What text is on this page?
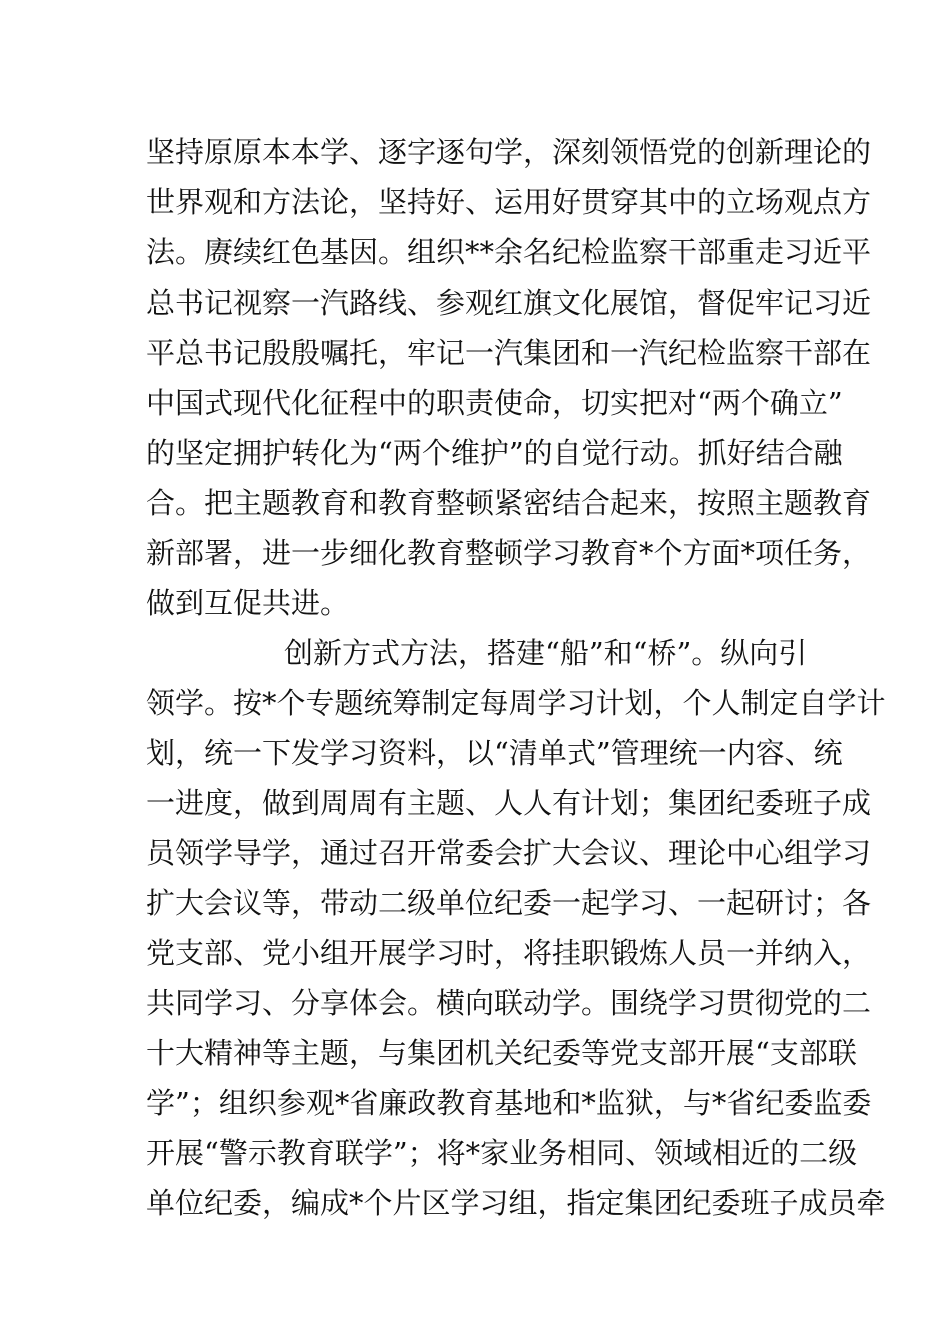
坚持原原本本学、逐字逐句学，深刻领悟党的创新理论的
世界观和方法论，坚持好、运用好贯穿其中的立场观点方
法。赓续红色基因。组织**余名纪检监察干部重走习近平
总书记视察一汽路线、参观红旗文化展馆，督促牢记习近
平总书记殷殷嘱托，牢记一汽集团和一汽纪检监察干部在
中国式现代化征程中的职责使命，切实把对“两个确立”
的坚定拥护转化为“两个维护”的自觉行动。抓好结合融
合。把主题教育和教育整顿紧密结合起来，按照主题教育
新部署，进一步细化教育整顿学习教育*个方面*项任务，
做到互促共进。
创新方式方法，搭建“船”和“桥”。纵向引
领学。按*个专题统筹制定每周学习计划，个人制定自学计
划，统一下发学习资料，以“清单式”管理统一内容、统
一进度，做到周周有主题、人人有计划；集团纪委班子成
员领学导学，通过召开常委会扩大会议、理论中心组学习
扩大会议等，带动二级单位纪委一起学习、一起研讨；各
党支部、党小组开展学习时，将挂职锻炼人员一并纳入，
共同学习、分享体会。横向联动学。围绕学习贯彻党的二
十大精神等主题，与集团机关纪委等党支部开展“支部联
学”；组织参观*省廉政教育基地和*监狱，与*省纪委监委
开展“警示教育联学”；将*家业务相同、领域相近的二级
单位纪委，编成*个片区学习组，指定集团纪委班子成员牵
